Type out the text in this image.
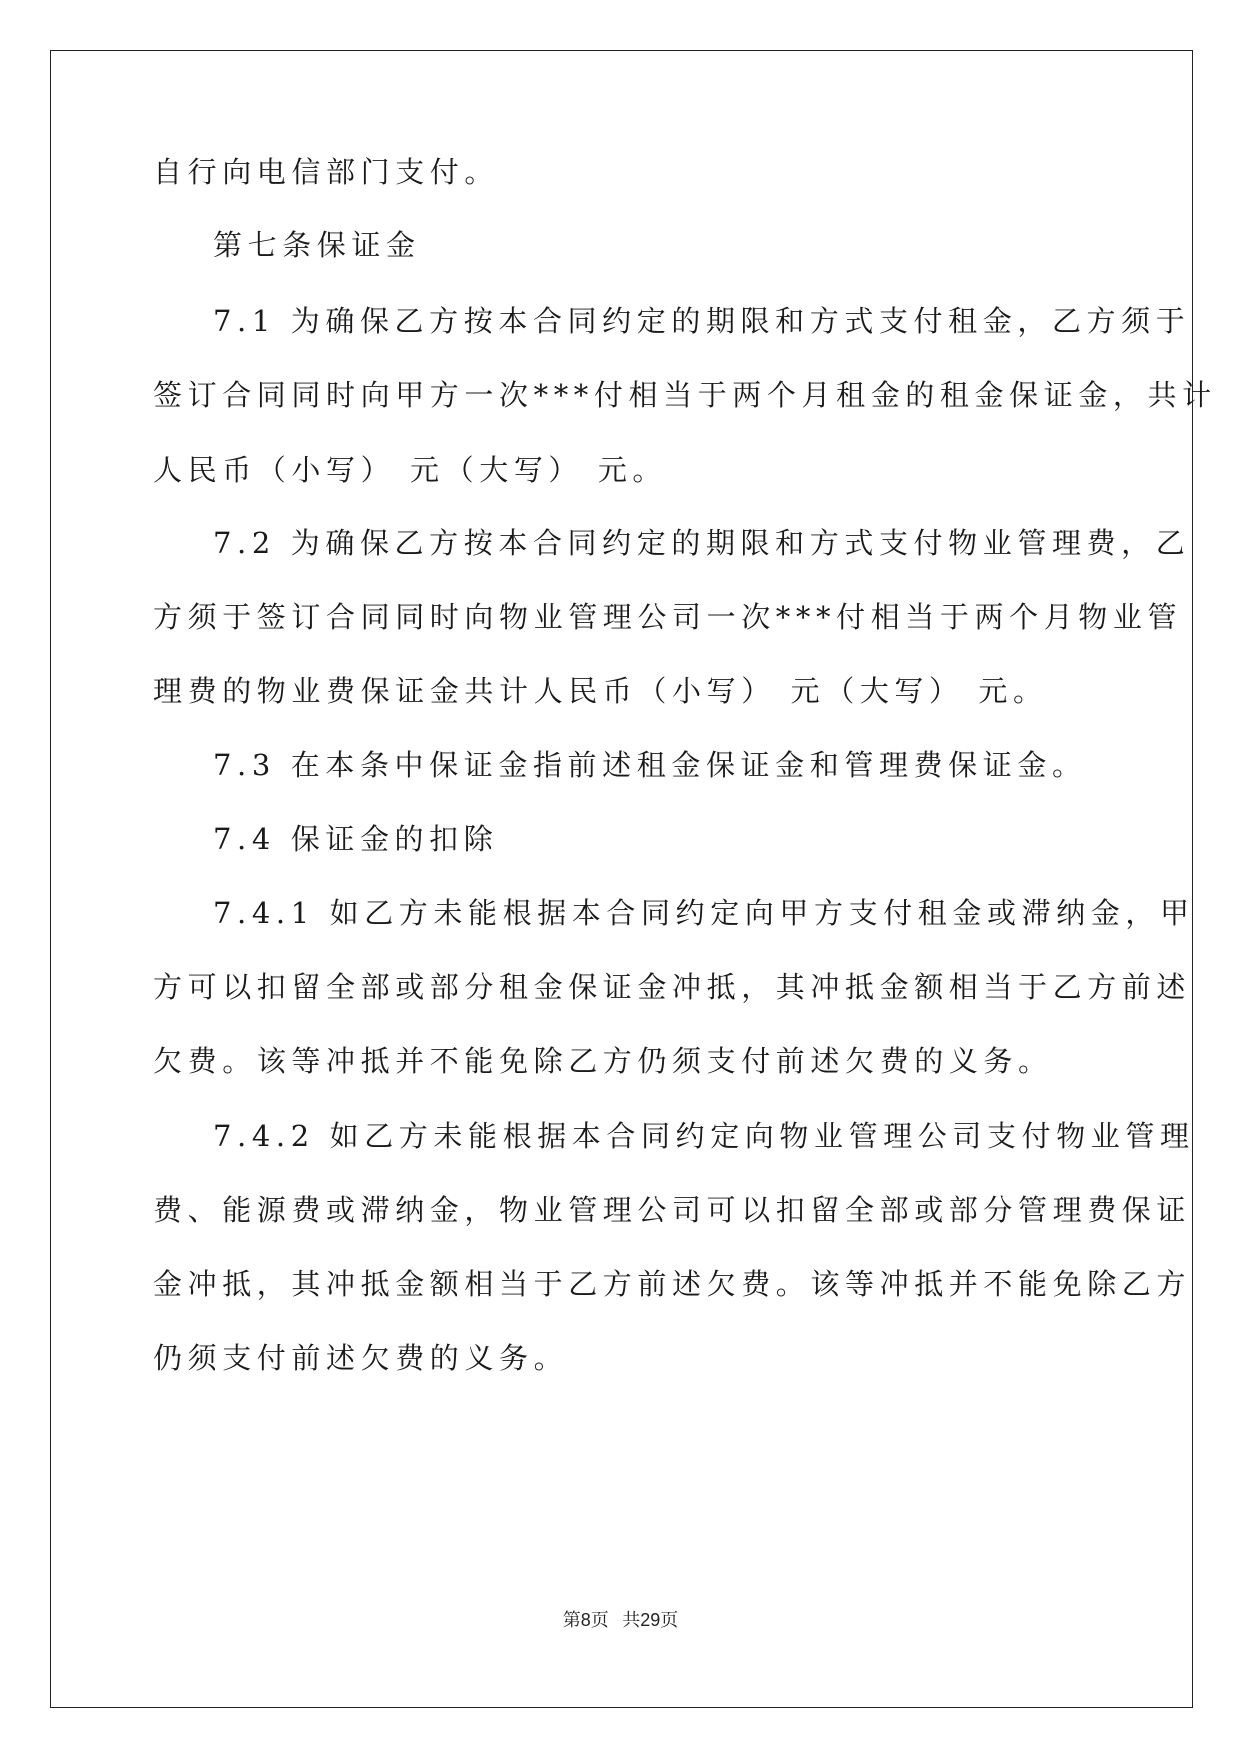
自行向电信部门支付。
第七条保证金
7.1 为确保乙方按本合同约定的期限和方式支付租金，乙方须于
签订合同同时向甲方一次***付相当于两个月租金的租金保证金，共计
人民币（小写） 元（大写） 元。
7.2 为确保乙方按本合同约定的期限和方式支付物业管理费，乙
方须于签订合同同时向物业管理公司一次***付相当于两个月物业管
理费的物业费保证金共计人民币（小写） 元（大写） 元。
7.3 在本条中保证金指前述租金保证金和管理费保证金。
7.4 保证金的扣除
7.4.1 如乙方未能根据本合同约定向甲方支付租金或滞纳金，甲
方可以扣留全部或部分租金保证金冲抵，其冲抵金额相当于乙方前述
欠费。该等冲抵并不能免除乙方仍须支付前述欠费的义务。
7.4.2 如乙方未能根据本合同约定向物业管理公司支付物业管理
费、能源费或滞纳金，物业管理公司可以扣留全部或部分管理费保证
金冲抵，其冲抵金额相当于乙方前述欠费。该等冲抵并不能免除乙方
仍须支付前述欠费的义务。
第8页 共29页
